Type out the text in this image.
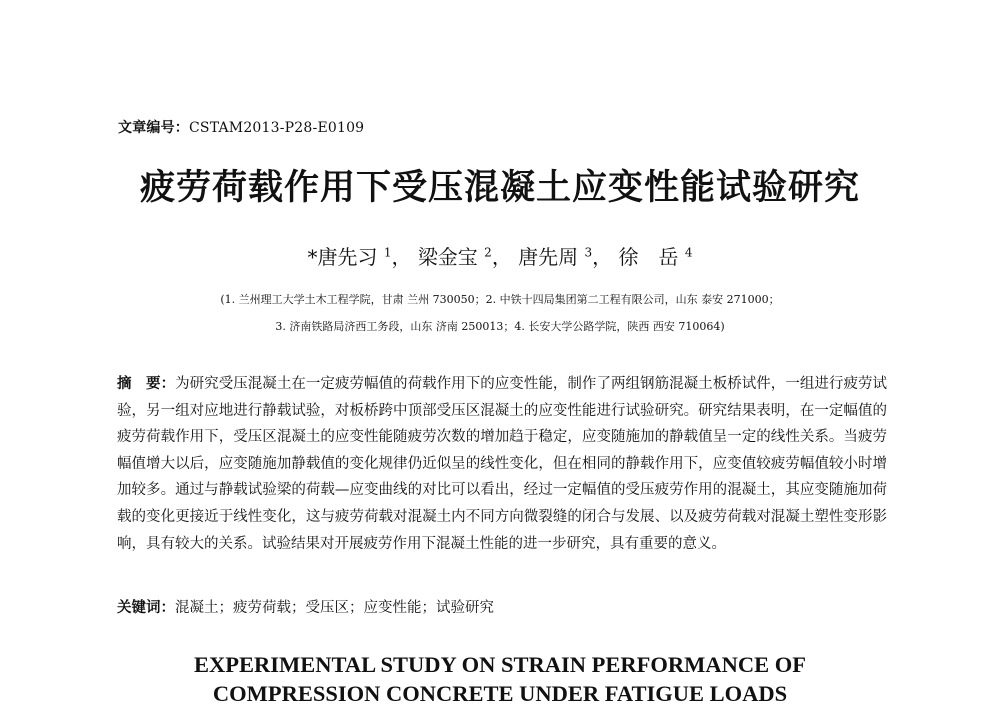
文章编号：CSTAM2013-P28-E0109
疲劳荷载作用下受压混凝土应变性能试验研究
*唐先习 $^1$， 梁金宝 $^2$， 唐先周 $^3$， 徐　岳 $^4$
(1. 兰州理工大学土木工程学院，甘肃 兰州 730050；2. 中铁十四局集团第二工程有限公司，山东 泰安 271000；
3. 济南铁路局济西工务段，山东 济南 250013；4. 长安大学公路学院，陕西 西安 710064)

摘　要：为研究受压混凝土在一定疲劳幅值的荷载作用下的应变性能，制作了两组钢筋混凝土板桥试件，一组进行疲劳试验，另一组对应地进行静载试验，对板桥跨中顶部受压区混凝土的应变性能进行试验研究。研究结果表明，在一定幅值的疲劳荷载作用下，受压区混凝土的应变性能随疲劳次数的增加趋于稳定，应变随施加的静载值呈一定的线性关系。当疲劳幅值增大以后，应变随施加静载值的变化规律仍近似呈的线性变化，但在相同的静载作用下，应变值较疲劳幅值较小时增加较多。通过与静载试验梁的荷载—应变曲线的对比可以看出，经过一定幅值的受压疲劳作用的混凝土，其应变随施加荷载的变化更接近于线性变化，这与疲劳荷载对混凝土内不同方向微裂缝的闭合与发展、以及疲劳荷载对混凝土塑性变形影响，具有较大的关系。试验结果对开展疲劳作用下混凝土性能的进一步研究，具有重要的意义。

关键词：混凝土；疲劳荷载；受压区；应变性能；试验研究
EXPERIMENTAL STUDY ON STRAIN PERFORMANCE OF
COMPRESSION CONCRETE UNDER FATIGUE LOADS
